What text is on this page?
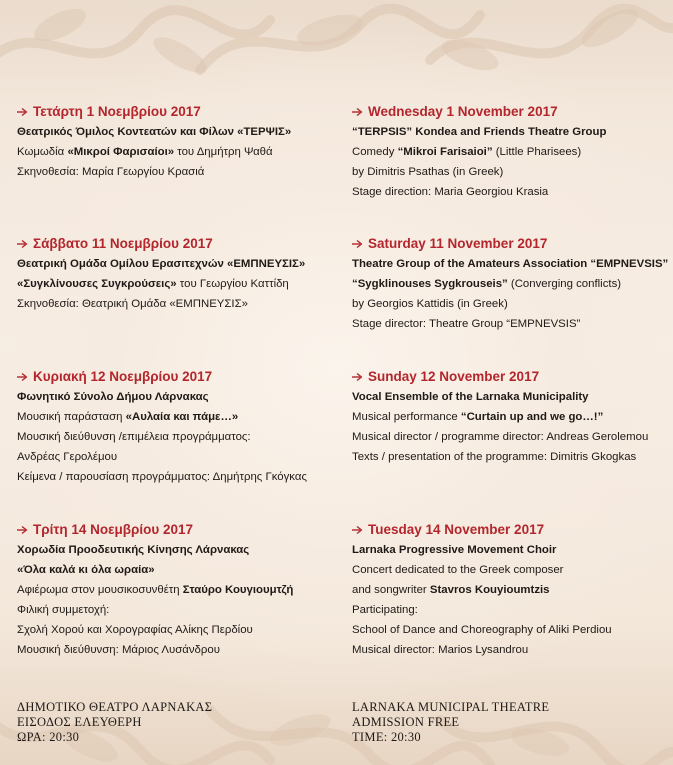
Τετάρτη 1 Νοεμβρίου 2017
Θεατρικός Όμιλος Κοντεατών και Φίλων «ΤΕΡΨΙΣ»
Κωμωδία «Μικροί Φαρισαίοι» του Δημήτρη Ψαθά
Σκηνοθεσία: Μαρία Γεωργίου Κρασιά
Σάββατο 11 Νοεμβρίου 2017
Θεατρική Ομάδα Ομίλου Ερασιτεχνών «ΕΜΠΝΕΥΣΙΣ»
«Συγκλίνουσες Συγκρούσεις» του Γεωργίου Καττίδη
Σκηνοθεσία: Θεατρική Ομάδα «ΕΜΠΝΕΥΣΙΣ»
Κυριακή 12 Νοεμβρίου 2017
Φωνητικό Σύνολο Δήμου Λάρνακας
Μουσική παράσταση «Αυλαία και πάμε…»
Μουσική διεύθυνση /επιμέλεια προγράμματος:
Ανδρέας Γερολέμου
Κείμενα / παρουσίαση προγράμματος: Δημήτρης Γκόγκας
Τρίτη 14 Νοεμβρίου 2017
Χορωδία Προοδευτικής Κίνησης Λάρνακας
«Όλα καλά κι όλα ωραία»
Αφιέρωμα στον μουσικοσυνθέτη Σταύρο Κουγιουμτζή
Φιλική συμμετοχή:
Σχολή Χορού και Χορογραφίας Αλίκης Περδίου
Μουσική διεύθυνση: Μάριος Λυσάνδρου
Wednesday 1 November 2017
“TERPSIS” Kondea and Friends Theatre Group
Comedy “Mikroi Farisaioi” (Little Pharisees)
by Dimitris Psathas (in Greek)
Stage direction: Maria Georgiou Krasia
Saturday 11 November 2017
Theatre Group of the Amateurs Association “EMPNEVSIS”
“Sygklinouses Sygkrouseis” (Converging conflicts)
by Georgios Kattidis (in Greek)
Stage director: Theatre Group “EMPNEVSIS”
Sunday 12 November 2017
Vocal Ensemble of the Larnaka Municipality
Musical performance “Curtain up and we go…!”
Musical director / programme director: Andreas Gerolemou
Texts / presentation of the programme: Dimitris Gkogkas
Tuesday 14 November 2017
Larnaka Progressive Movement Choir
Concert dedicated to the Greek composer
and songwriter Stavros Kouyioumtzis
Participating:
School of Dance and Choreography of Aliki Perdiou
Musical director: Marios Lysandrou
ΔΗΜΟΤΙΚΟ ΘΕΑΤΡΟ ΛΑΡΝΑΚΑΣ
ΕΙΣΟΔΟΣ ΕΛΕΥΘΕΡΗ
ΩΡΑ: 20:30
LARNAKA MUNICIPAL THEATRE
ADMISSION FREE
TIME: 20:30
